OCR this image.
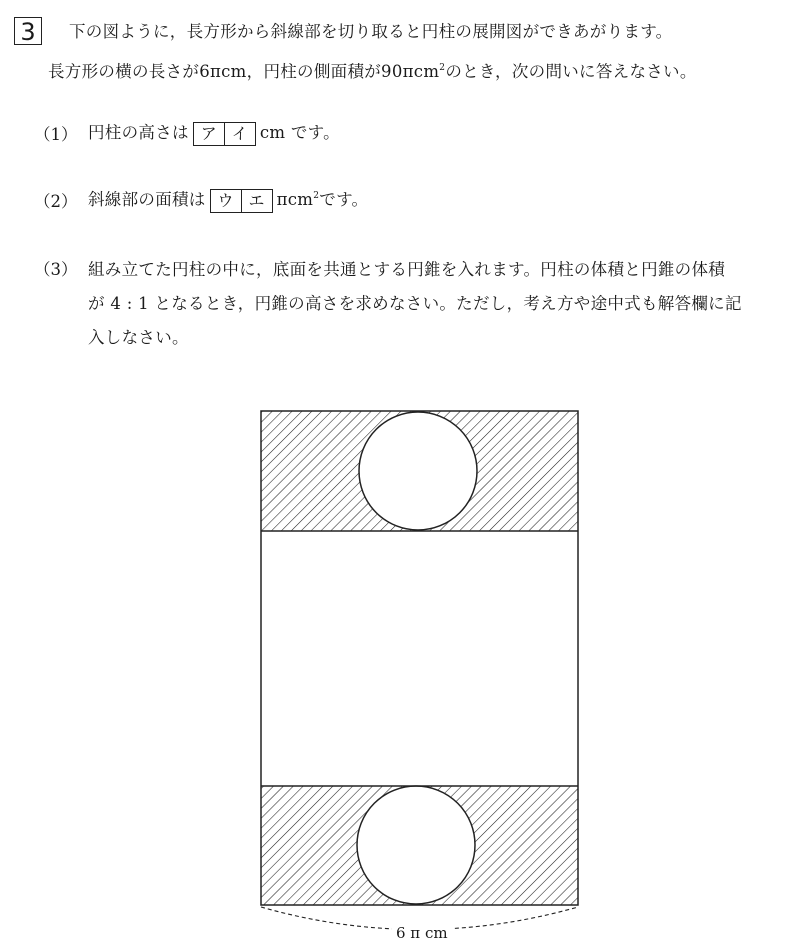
3	下の図ように，長方形から斜線部を切り取ると円柱の展開図ができあがります。
長方形の横の長さが6πcm，円柱の側面積が90πcm$^2$のとき，次の問いに答えなさい。
（1） 円柱の高さは ア イ cm です。
（2） 斜線部の面積は ウ エ πcm$^2$です。
（3） 組み立てた円柱の中に，底面を共通とする円錐を入れます。円柱の体積と円錐の体積
が 4 : 1 となるとき，円錐の高さを求めなさい。ただし，考え方や途中式も解答欄に記
入しなさい。
6 π cm
